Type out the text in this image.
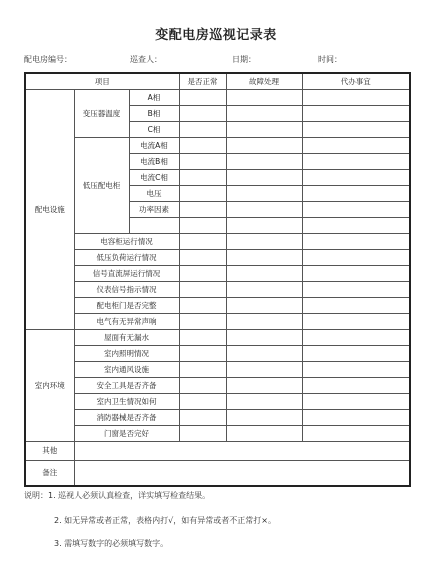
变配电房巡视记录表
配电房编号：	巡查人：	日期：	时间：
项目			是否正常	故障处理	代办事宜
配电设施	变压器温度	A相			
		B相			
		C相			
	低压配电柜	电流A相			
		电流B相			
		电流C相			
		电压			
		功率因素			

	电容柜运行情况				
	低压负荷运行情况				
	信号直流屏运行情况				
	仪表信号指示情况				
	配电柜门是否完整				
	电气有无异常声响				
室内环境	屋面有无漏水				
	室内照明情况				
	室内通风设施				
	安全工具是否齐备				
	室内卫生情况如何				
	消防器械是否齐备				
	门窗是否完好				
其他					
备注					
说明：1. 巡视人必须认真检查，详实填写检查结果。
2. 如无异常或者正常，表格内打√，如有异常或者不正常打×。
3. 需填写数字的必须填写数字。
